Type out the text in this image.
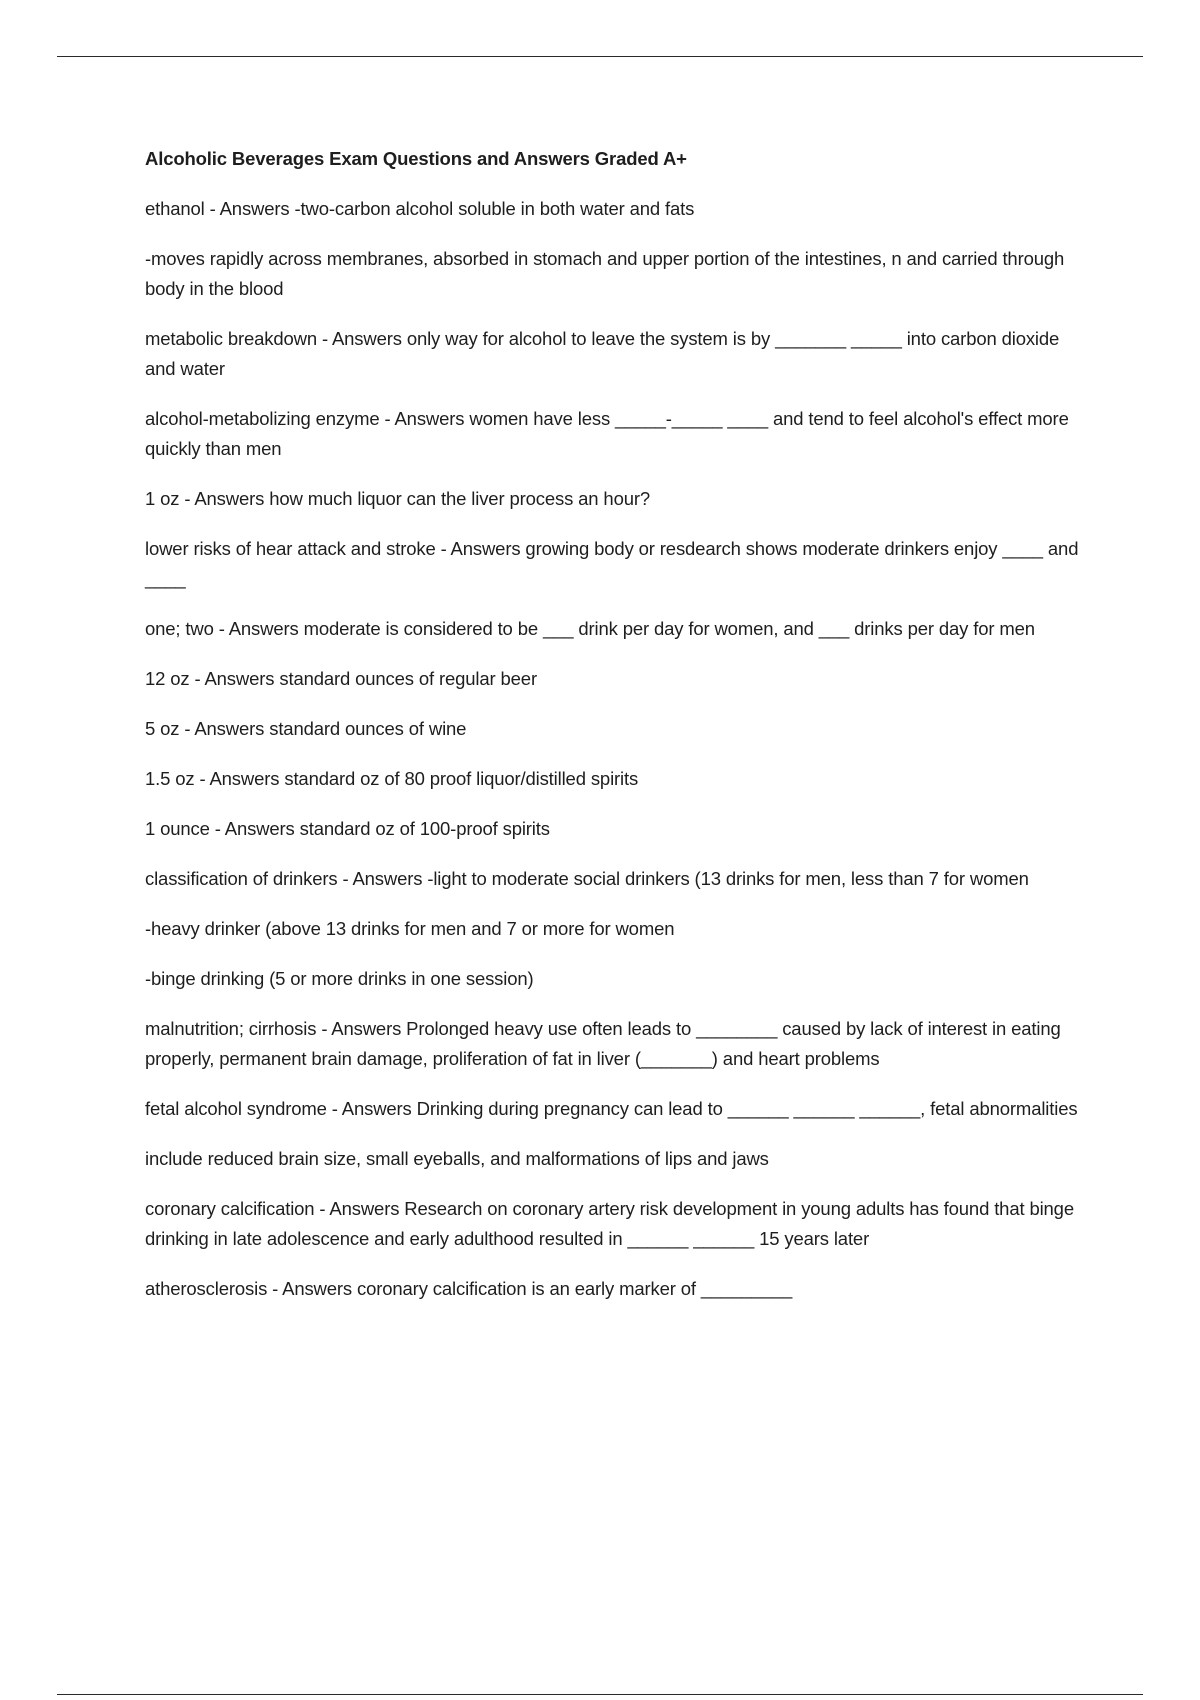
Alcoholic Beverages Exam Questions and Answers Graded A+

ethanol - Answers -two-carbon alcohol soluble in both water and fats

-moves rapidly across membranes, absorbed in stomach and upper portion of the intestines, n and carried through body in the blood

metabolic breakdown - Answers only way for alcohol to leave the system is by _______ _____ into carbon dioxide and water

alcohol-metabolizing enzyme - Answers women have less _____-_____ ____ and tend to feel alcohol's effect more quickly than men

1 oz - Answers how much liquor can the liver process an hour?

lower risks of hear attack and stroke - Answers growing body or resdearch shows moderate drinkers enjoy ____ and ____

one; two - Answers moderate is considered to be ___ drink per day for women, and ___ drinks per day for men

12 oz - Answers standard ounces of regular beer

5 oz - Answers standard ounces of wine

1.5 oz - Answers standard oz of 80 proof liquor/distilled spirits

1 ounce - Answers standard oz of 100-proof spirits

classification of drinkers - Answers -light to moderate social drinkers (13 drinks for men, less than 7 for women

-heavy drinker (above 13 drinks for men and 7 or more for women

-binge drinking (5 or more drinks in one session)

malnutrition; cirrhosis - Answers Prolonged heavy use often leads to ________ caused by lack of interest in eating properly, permanent brain damage, proliferation of fat in liver (_______) and heart problems

fetal alcohol syndrome - Answers Drinking during pregnancy can lead to ______ ______ ______, fetal abnormalities

include reduced brain size, small eyeballs, and malformations of lips and jaws

coronary calcification - Answers Research on coronary artery risk development in young adults has found that binge drinking in late adolescence and early adulthood resulted in ______ ______ 15 years later

atherosclerosis - Answers coronary calcification is an early marker of _________
